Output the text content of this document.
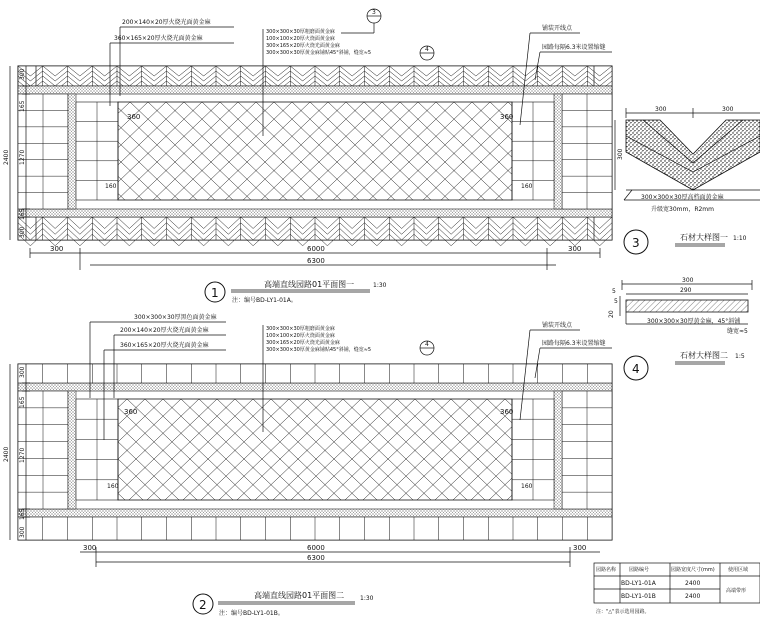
300
165
1270
165
300
2400
300	6000	300
6300
360	360
160	160
200×140×20厚火烧光面黄金麻
360×165×20厚火烧光面黄金麻
300×300×30厚粗磨面黄金麻
100×100×20厚火烧面黄金麻
300×165×20厚火烧光面黄金麻
300×300×30厚黄金麻铺贴45°斜铺，缝宽≈5
3
4
铺装开线点
园路每隔6.3米设置缩缝
1
高端直线园路01平面图一	1:30
注：编号BD-LY1-01A。
300
165
1270
165
300
2400
300	6000	300
6300
360	360
160	160
300×300×30厚黑色面黄金麻
200×140×20厚火烧光面黄金麻
360×165×20厚火烧光面黄金麻
300×300×30厚粗磨面黄金麻
100×100×20厚火烧面黄金麻
300×165×20厚火烧光面黄金麻
300×300×30厚黄金麻铺贴45°斜铺，缝宽≈5
4
铺装开线点
园路每隔6.3米设置缩缝
2
高端直线园路01平面图二	1:30
注：编号BD-LY1-01B。
300	300
300
300×300×30厚高档面黄金麻
升级宽30mm，R2mm
3	石材大样图一 1:10
300
290
5
5
20
300×300×30厚黄金麻，45°斜铺
缝宽≈5
4
石材大样图二 1:5
园路名称	园路编号	园路宽度尺寸(mm)	使用区域
BD-LY1-01A	2400
BD-LY1-01B	2400
高端带形
注："△"表示选用园路。
